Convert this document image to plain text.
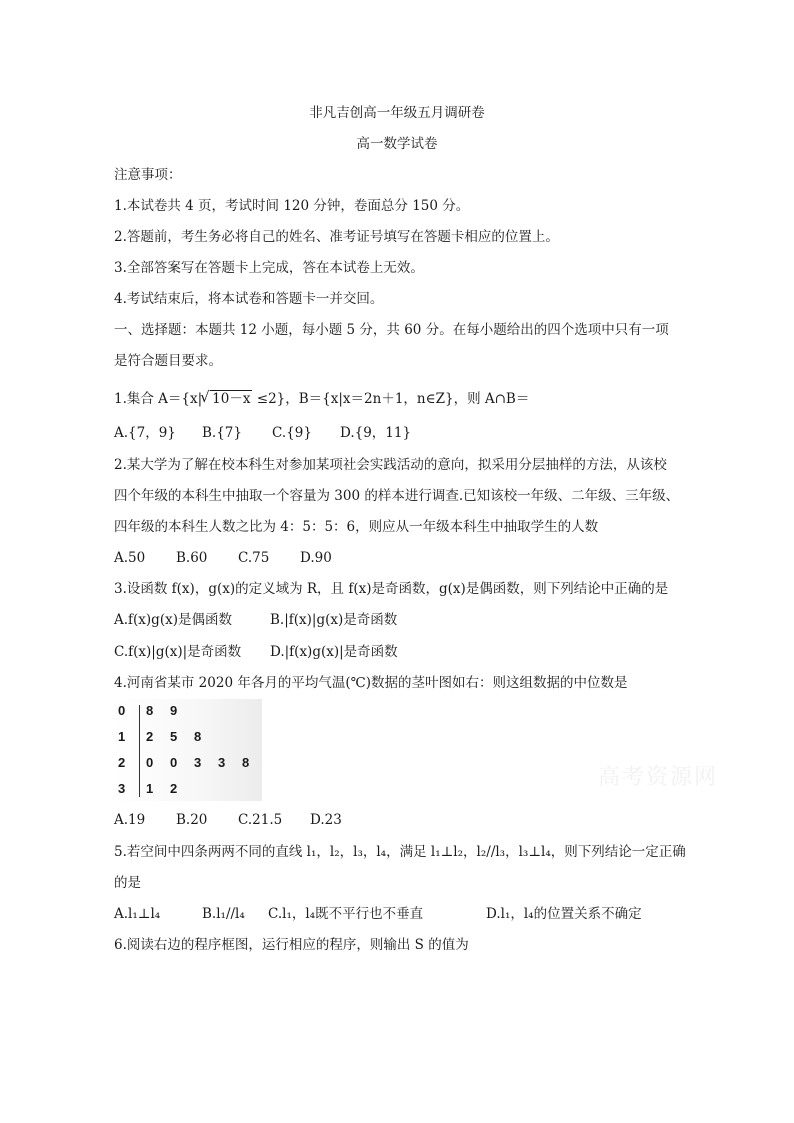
非凡吉创高一年级五月调研卷
高一数学试卷
注意事项：
1.本试卷共 4 页，考试时间 120 分钟，卷面总分 150 分。
2.答题前，考生务必将自己的姓名、准考证号填写在答题卡相应的位置上。
3.全部答案写在答题卡上完成，答在本试卷上无效。
4.考试结束后，将本试卷和答题卡一并交回。
一、选择题：本题共 12 小题，每小题 5 分，共 60 分。在每小题给出的四个选项中只有一项
是符合题目要求。
1.集合 A＝{x|√ 10－x ≤2}，B＝{x|x＝2n＋1，n∈Z}，则 A∩B＝
A.{7，9} B.{7} C.{9} D.{9，11}
2.某大学为了解在校本科生对参加某项社会实践活动的意向，拟采用分层抽样的方法，从该校
四个年级的本科生中抽取一个容量为 300 的样本进行调查.已知该校一年级、二年级、三年级、
四年级的本科生人数之比为 4：5：5：6，则应从一年级本科生中抽取学生的人数
A.50 B.60 C.75 D.90
3.设函数 f(x)，g(x)的定义域为 R，且 f(x)是奇函数，g(x)是偶函数，则下列结论中正确的是
A.f(x)g(x)是偶函数	B.|f(x)|g(x)是奇函数
C.f(x)|g(x)|是奇函数 D.|f(x)g(x)|是奇函数
4.河南省某市 2020 年各月的平均气温(℃)数据的茎叶图如右：则这组数据的中位数是
0 8 9
1 2 5 8
2 0 0 3 3 8
3 1 2	高考资源网
A.19 B.20 C.21.5 D.23
5.若空间中四条两两不同的直线 l₁，l₂，l₃，l₄，满足 l₁⊥l₂，l₂//l₃，l₃⊥l₄，则下列结论一定正确
的是
A.l₁⊥l₄	B.l₁//l₄ C.l₁，l₄既不平行也不垂直	D.l₁，l₄的位置关系不确定
6.阅读右边的程序框图，运行相应的程序，则输出 S 的值为
